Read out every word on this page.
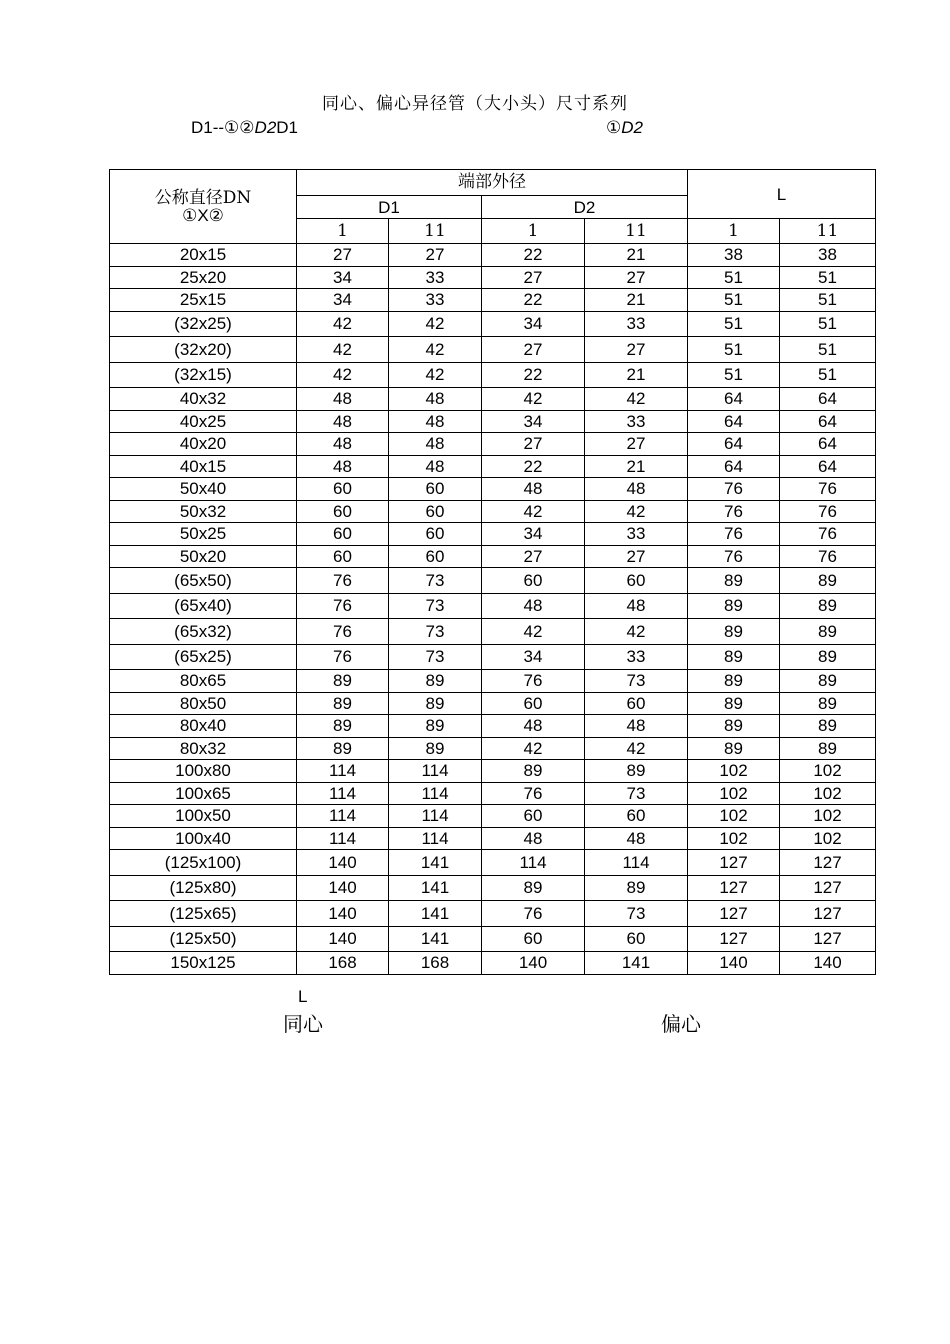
同心、偏心异径管（大小头）尺寸系列
D1--①②D2D1	①D2
公称直径DN
①X②	端部外径				L	
	D1		D2			
	1	11	1	11	1	11
20x15	27	27	22	21	38	38
25x20	34	33	27	27	51	51
25x15	34	33	22	21	51	51
(32x25)	42	42	34	33	51	51
(32x20)	42	42	27	27	51	51
(32x15)	42	42	22	21	51	51
40x32	48	48	42	42	64	64
40x25	48	48	34	33	64	64
40x20	48	48	27	27	64	64
40x15	48	48	22	21	64	64
50x40	60	60	48	48	76	76
50x32	60	60	42	42	76	76
50x25	60	60	34	33	76	76
50x20	60	60	27	27	76	76
(65x50)	76	73	60	60	89	89
(65x40)	76	73	48	48	89	89
(65x32)	76	73	42	42	89	89
(65x25)	76	73	34	33	89	89
80x65	89	89	76	73	89	89
80x50	89	89	60	60	89	89
80x40	89	89	48	48	89	89
80x32	89	89	42	42	89	89
100x80	114	114	89	89	102	102
100x65	114	114	76	73	102	102
100x50	114	114	60	60	102	102
100x40	114	114	48	48	102	102
(125x100)	140	141	114	114	127	127
(125x80)	140	141	89	89	127	127
(125x65)	140	141	76	73	127	127
(125x50)	140	141	60	60	127	127
150x125	168	168	140	141	140	140
L
同心	偏心
